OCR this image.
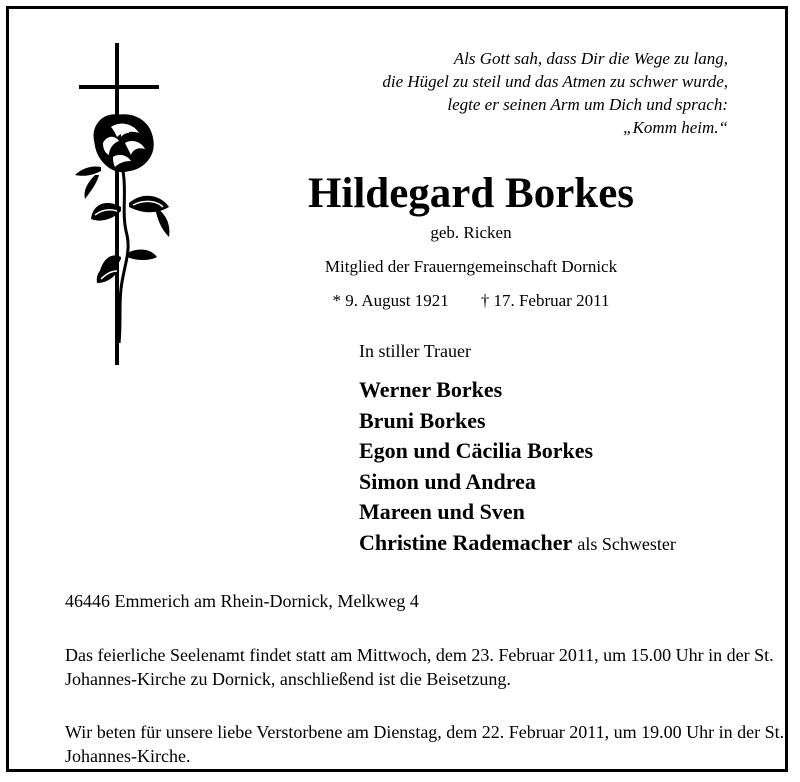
Als Gott sah, dass Dir die Wege zu lang,
die Hügel zu steil und das Atmen zu schwer wurde,
legte er seinen Arm um Dich und sprach:
„Komm heim.“
Hildegard Borkes
geb. Ricken
Mitglied der Frauerngemeinschaft Dornick
* 9. August 1921 † 17. Februar 2011
In stiller Trauer
Werner Borkes
Bruni Borkes
Egon und Cäcilia Borkes
Simon und Andrea
Mareen und Sven
Christine Rademacher als Schwester
46446 Emmerich am Rhein-Dornick, Melkweg 4
Das feierliche Seelenamt findet statt am Mittwoch, dem 23. Februar 2011, um 15.00 Uhr in der St. Johannes-Kirche zu Dornick, anschließend ist die Beisetzung.
Wir beten für unsere liebe Verstorbene am Dienstag, dem 22. Februar 2011, um 19.00 Uhr in der St. Johannes-Kirche.
